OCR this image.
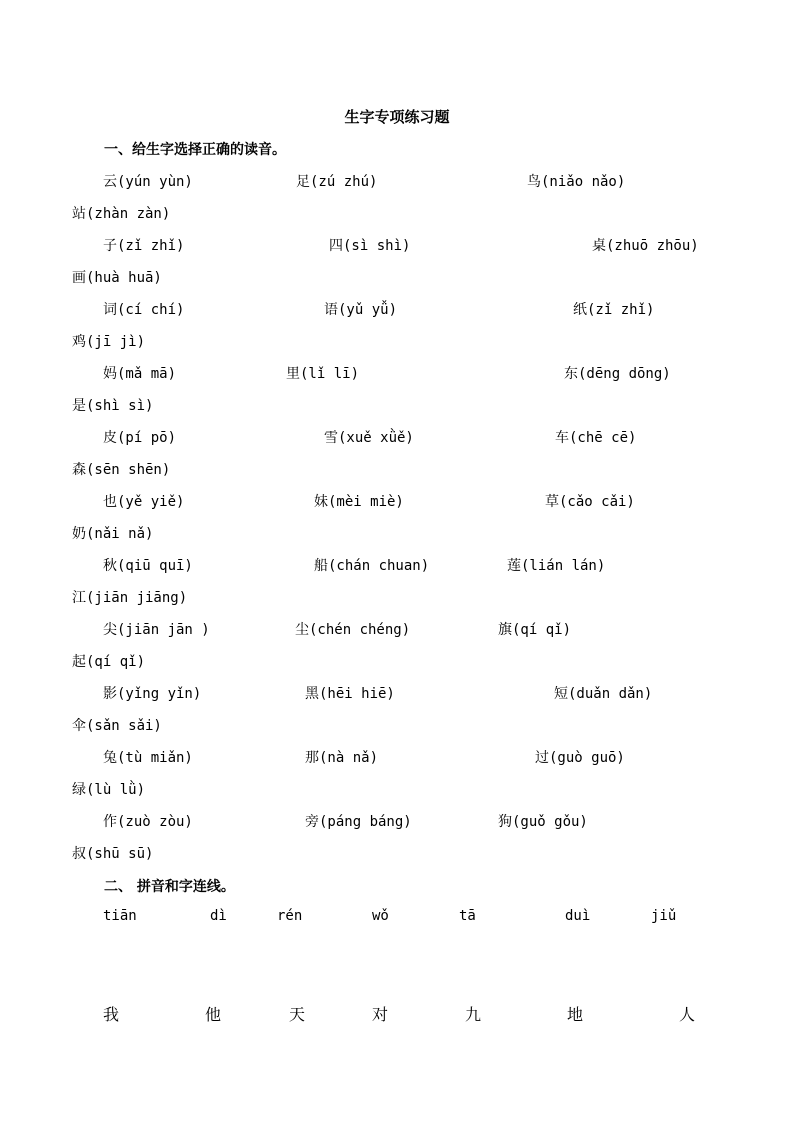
生字专项练习题
一、给生字选择正确的读音。
云(yún yùn)	足(zú zhú)	鸟(niǎo nǎo)
站(zhàn zàn)
子(zǐ zhǐ)	四(sì shì)	桌(zhuō zhōu)
画(huà huā)
词(cí chí)	语(yǔ yǚ)	纸(zǐ zhǐ)
鸡(jī jì)
妈(mǎ mā)	里(lǐ lī)	东(dēng dōng)
是(shì sì)
皮(pí pō)	雪(xuě xǜě)	车(chē cē)
森(sēn shēn)
也(yě yiě)	妹(mèi miè)	草(cǎo cǎi)
奶(nǎi nǎ)
秋(qiū quī)	船(chán chuan)	莲(lián lán)
江(jiān jiāng)
尖(jiān jān )	尘(chén chéng)	旗(qí qǐ)
起(qí qǐ)
影(yǐng yǐn)	黑(hēi hiē)	短(duǎn dǎn)
伞(sǎn sǎi)
兔(tù miǎn)	那(nà nǎ)	过(guò guō)
绿(lù lǜ)
作(zuò zòu)	旁(páng báng)	狗(guǒ gǒu)
叔(shū sū)
二、 拼音和字连线。
tiān	dì	rén	wǒ	tā	duì	jiǔ
我	他	天	对	九	地	人
